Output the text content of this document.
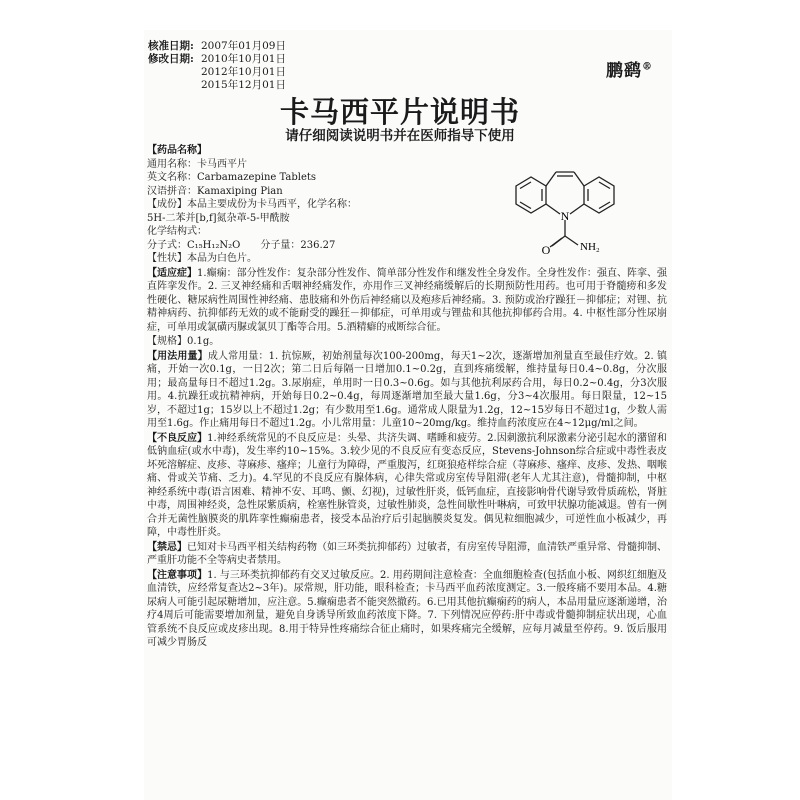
核准日期: 2007年01月09日
修改日期: 2010年10月01日
2012年10月01日
2015年12月01日
鹏鹞®
卡马西平片说明书
请仔细阅读说明书并在医师指导下使用
N
O	NH₂
【药品名称】
通用名称：卡马西平片
英文名称：Carbamazepine Tablets
汉语拼音：Kamaxiping Pian
【成份】本品主要成份为卡马西平，化学名称：
5H-二苯并[b,f]氮杂䓬-5-甲酰胺
化学结构式：
分子式：C₁₅H₁₂N₂O　　分子量：236.27
【性状】本品为白色片。
【适应症】1.癫痫：部分性发作：复杂部分性发作、简单部分性发作和继发性全身发作。全身性发作：强直、阵挛、强直阵挛发作。2. 三叉神经痛和舌咽神经痛发作，亦用作三叉神经痛缓解后的长期预防性用药。也可用于脊髓痨和多发性硬化、糖尿病性周围性神经痛、患肢痛和外伤后神经痛以及疱疹后神经痛。3. 预防或治疗躁狂－抑郁症；对锂、抗精神病药、抗抑郁药无效的或不能耐受的躁狂－抑郁症，可单用或与锂盐和其他抗抑郁药合用。4. 中枢性部分性尿崩症，可单用或氯磺丙脲或氯贝丁酯等合用。5.酒精癖的戒断综合征。
【规格】0.1g。
【用法用量】成人常用量：1. 抗惊厥，初始剂量每次100-200mg，每天1~2次，逐渐增加剂量直至最佳疗效。2. 镇痛，开始一次0.1g，一日2次；第二日后每隔一日增加0.1~0.2g，直到疼痛缓解，维持量每日0.4~0.8g，分次服用；最高量每日不超过1.2g。3.尿崩症，单用时一日0.3~0.6g。如与其他抗利尿药合用，每日0.2~0.4g，分3次服用。4.抗躁狂或抗精神病，开始每日0.2~0.4g，每周逐渐增加至最大量1.6g，分3~4次服用。每日限量，12~15岁，不超过1g；15岁以上不超过1.2g；有少数用至1.6g。通常成人限量为1.2g，12~15岁每日不超过1g，少数人需用至1.6g。作止痛用每日不超过1.2g。小儿常用量：儿童10~20mg/kg。维持血药浓度应在4~12μg/ml之间。
【不良反应】1.神经系统常见的不良反应是：头晕、共济失调、嗜睡和疲劳。2.因刺激抗利尿激素分泌引起水的潴留和低钠血症(或水中毒)，发生率约10~15%。3.较少见的不良反应有变态反应，Stevens-Johnson综合症或中毒性表皮坏死溶解症、皮疹、荨麻疹、瘙痒；儿童行为障碍，严重腹泻，红斑狼疮样综合症（荨麻疹、瘙痒、皮疹、发热、咽喉痛、骨或关节痛、乏力)。4.罕见的不良反应有腺体病，心律失常或房室传导阻滞(老年人尤其注意)，骨髓抑制，中枢神经系统中毒(语言困难、精神不安、耳鸣、颤、幻视)，过敏性肝炎，低钙血症，直接影响骨代谢导致骨质疏松，肾脏中毒，周围神经炎，急性尿紫质病，栓塞性脉管炎，过敏性肺炎，急性间歇性叶啉病，可致甲状腺功能减退。曾有一例合并无菌性脑膜炎的肌阵挛性癫痫患者，接受本品治疗后引起脑膜炎复发。偶见粒细胞减少，可逆性血小板减少，再障，中毒性肝炎。
【禁忌】已知对卡马西平相关结构药物（如三环类抗抑郁药）过敏者，有房室传导阻滞，血清铁严重异常、骨髓抑制、严重肝功能不全等病史者禁用。
【注意事项】1. 与三环类抗抑郁药有交叉过敏反应。2. 用药期间注意检查：全血细胞检查(包括血小板、网织红细胞及血清铁，应经常复查达2~3年)。尿常规，肝功能，眼科检查；卡马西平血药浓度测定。3.一般疼痛不要用本品。4.糖尿病人可能引起尿糖增加，应注意。5.癫痫患者不能突然撤药。6.已用其他抗癫痫药的病人，本品用量应逐渐递增，治疗4周后可能需要增加剂量，避免自身诱导所致血药浓度下降。7. 下列情况应停药:肝中毒或骨髓抑制症状出现，心血管系统不良反应或皮疹出现。8.用于特异性疼痛综合征止痛时，如果疼痛完全缓解，应每月减量至停药。9. 饭后服用可减少胃肠反
